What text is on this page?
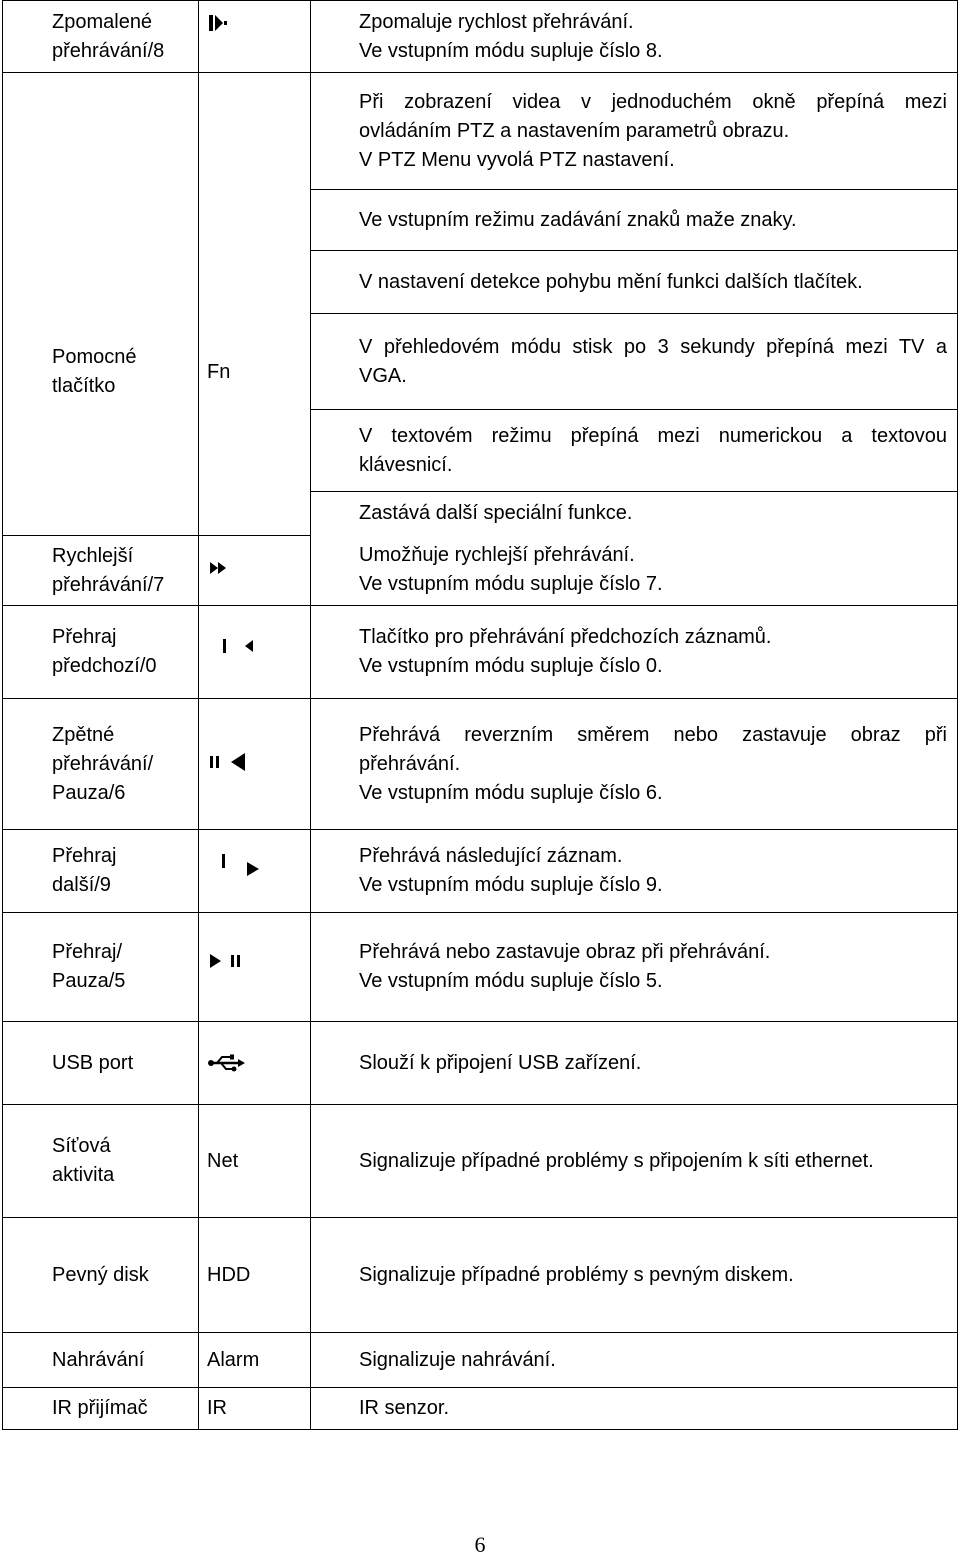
Zpomalené
přehrávání/8		Zpomaluje rychlost přehrávání.
Ve vstupním módu supluje číslo 8.

Pomocné
tlačítko	Fn	Při zobrazení videa v jednoduchém okně přepíná mezi
ovládáním PTZ a nastavením parametrů obrazu.
V PTZ Menu vyvolá PTZ nastavení.

		Ve vstupním režimu zadávání znaků maže znaky.

		V nastavení detekce pohybu mění funkci dalších tlačítek.

		V přehledovém módu stisk po 3 sekundy přepíná mezi TV a
VGA.

		V textovém režimu přepíná mezi numerickou a textovou
klávesnicí.

		Zastává další speciální funkce.

Rychlejší
přehrávání/7		Umožňuje rychlejší přehrávání.
Ve vstupním módu supluje číslo 7.

Přehraj
předchozí/0		Tlačítko pro přehrávání předchozích záznamů.
Ve vstupním módu supluje číslo 0.

Zpětné
přehrávání/
Pauza/6		Přehrává reverzním směrem nebo zastavuje obraz při
přehrávání.
Ve vstupním módu supluje číslo 6.

Přehraj
další/9		Přehrává následující záznam.
Ve vstupním módu supluje číslo 9.

Přehraj/
Pauza/5		Přehrává nebo zastavuje obraz při přehrávání.
Ve vstupním módu supluje číslo 5.

USB port		Slouží k připojení USB zařízení.

Síťová
aktivita	Net	Signalizuje případné problémy s připojením k síti ethernet.

Pevný disk	HDD	Signalizuje případné problémy s pevným diskem.

Nahrávání	Alarm	Signalizuje nahrávání.

IR přijímač	IR	IR senzor.
6
